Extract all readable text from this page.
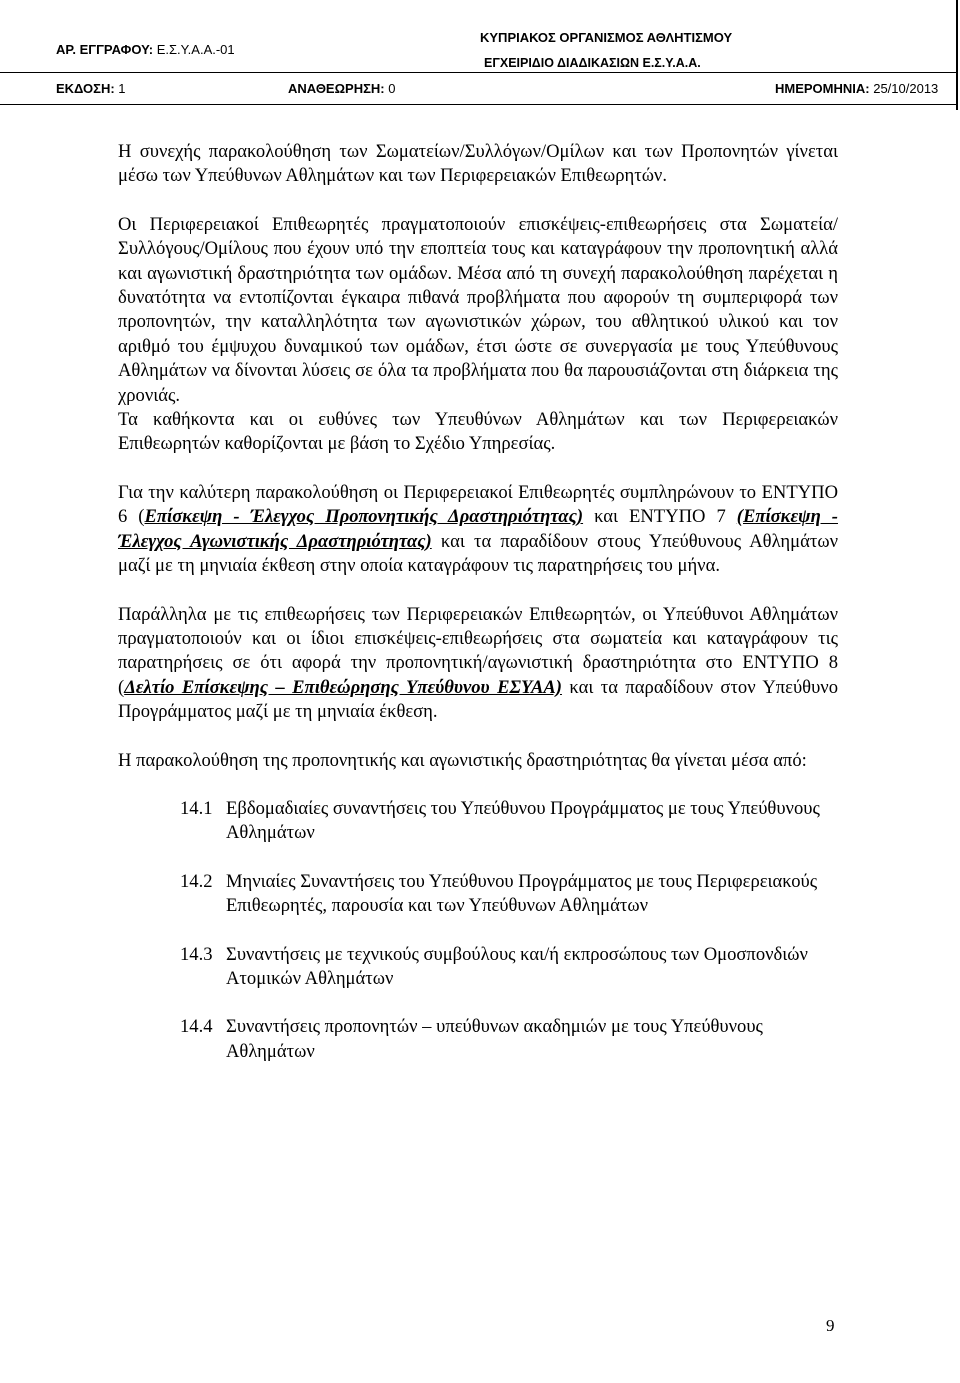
ΑΡ. ΕΓΓΡΑΦΟΥ: Ε.Σ.Υ.Α.Α.-01
ΚΥΠΡΙΑΚΟΣ ΟΡΓΑΝΙΣΜΟΣ ΑΘΛΗΤΙΣΜΟΥ
ΕΓΧΕΙΡΙΔΙΟ ΔΙΑΔΙΚΑΣΙΩΝ Ε.Σ.Υ.Α.Α.
ΕΚΔΟΣΗ: 1	ΑΝΑΘΕΩΡΗΣΗ: 0	ΗΜΕΡΟΜΗΝΙΑ: 25/10/2013

Η συνεχής παρακολούθηση των Σωματείων/Συλλόγων/Ομίλων και των Προπονητών γίνεται μέσω των Υπεύθυνων Αθλημάτων και των Περιφερειακών Επιθεωρητών.

Οι Περιφερειακοί Επιθεωρητές πραγματοποιούν επισκέψεις-επιθεωρήσεις στα Σωματεία/Συλλόγους/Ομίλους που έχουν υπό την εποπτεία τους και καταγράφουν την προπονητική αλλά και αγωνιστική δραστηριότητα των ομάδων. Μέσα από τη συνεχή παρακολούθηση παρέχεται η δυνατότητα να εντοπίζονται έγκαιρα πιθανά προβλήματα που αφορούν τη συμπεριφορά των προπονητών, την καταλληλότητα των αγωνιστικών χώρων, του αθλητικού υλικού και τον αριθμό του έμψυχου δυναμικού των ομάδων, έτσι ώστε σε συνεργασία με τους Υπεύθυνους Αθλημάτων να δίνονται λύσεις σε όλα τα προβλήματα που θα παρουσιάζονται στη διάρκεια της χρονιάς.

Τα καθήκοντα και οι ευθύνες των Υπευθύνων Αθλημάτων και των Περιφερειακών Επιθεωρητών καθορίζονται με βάση το Σχέδιο Υπηρεσίας.

Για την καλύτερη παρακολούθηση οι Περιφερειακοί Επιθεωρητές συμπληρώνουν το ΕΝΤΥΠΟ 6 (Επίσκεψη - Έλεγχος Προπονητικής Δραστηριότητας) και ΕΝΤΥΠΟ 7 (Επίσκεψη - Έλεγχος Αγωνιστικής Δραστηριότητας) και τα παραδίδουν στους Υπεύθυνους Αθλημάτων μαζί με τη μηνιαία έκθεση στην οποία καταγράφουν τις παρατηρήσεις του μήνα.

Παράλληλα με τις επιθεωρήσεις των Περιφερειακών Επιθεωρητών, οι Υπεύθυνοι Αθλημάτων πραγματοποιούν και οι ίδιοι επισκέψεις-επιθεωρήσεις στα σωματεία και καταγράφουν τις παρατηρήσεις σε ότι αφορά την προπονητική/αγωνιστική δραστηριότητα στο ΕΝΤΥΠΟ 8 (Δελτίο Επίσκεψης – Επιθεώρησης Υπεύθυνου ΕΣΥΑΑ) και τα παραδίδουν στον Υπεύθυνο Προγράμματος μαζί με τη μηνιαία έκθεση.

Η παρακολούθηση της προπονητικής και αγωνιστικής δραστηριότητας θα γίνεται μέσα από:

14.1 Εβδομαδιαίες συναντήσεις του Υπεύθυνου Προγράμματος με τους Υπεύθυνους Αθλημάτων
14.2 Μηνιαίες Συναντήσεις του Υπεύθυνου Προγράμματος με τους Περιφερειακούς Επιθεωρητές, παρουσία και των Υπεύθυνων Αθλημάτων
14.3 Συναντήσεις με τεχνικούς συμβούλους και/ή εκπροσώπους των Ομοσπονδιών Ατομικών Αθλημάτων
14.4 Συναντήσεις προπονητών – υπεύθυνων ακαδημιών με τους Υπεύθυνους Αθλημάτων
9
